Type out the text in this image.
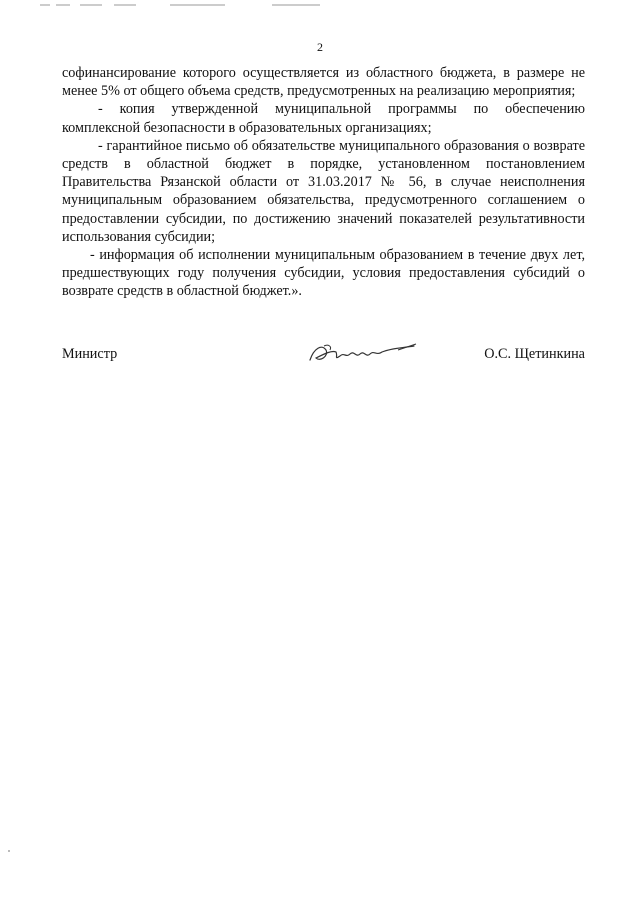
2

софинансирование которого осуществляется из областного бюджета, в размере не менее 5% от общего объема средств, предусмотренных на реализацию мероприятия;

- копия утвержденной муниципальной программы по обеспечению комплексной безопасности в образовательных организациях;

- гарантийное письмо об обязательстве муниципального образования о возврате средств в областной бюджет в порядке, установленном постановлением Правительства Рязанской области от 31.03.2017 № 56, в случае неисполнения муниципальным образованием обязательства, предусмотренного соглашением о предоставлении субсидии, по достижению значений показателей результативности использования субсидии;

- информация об исполнении муниципальным образованием в течение двух лет, предшествующих году получения субсидии, условия предоставления субсидий о возврате средств в областной бюджет.».

Министр	О.С. Щетинкина
